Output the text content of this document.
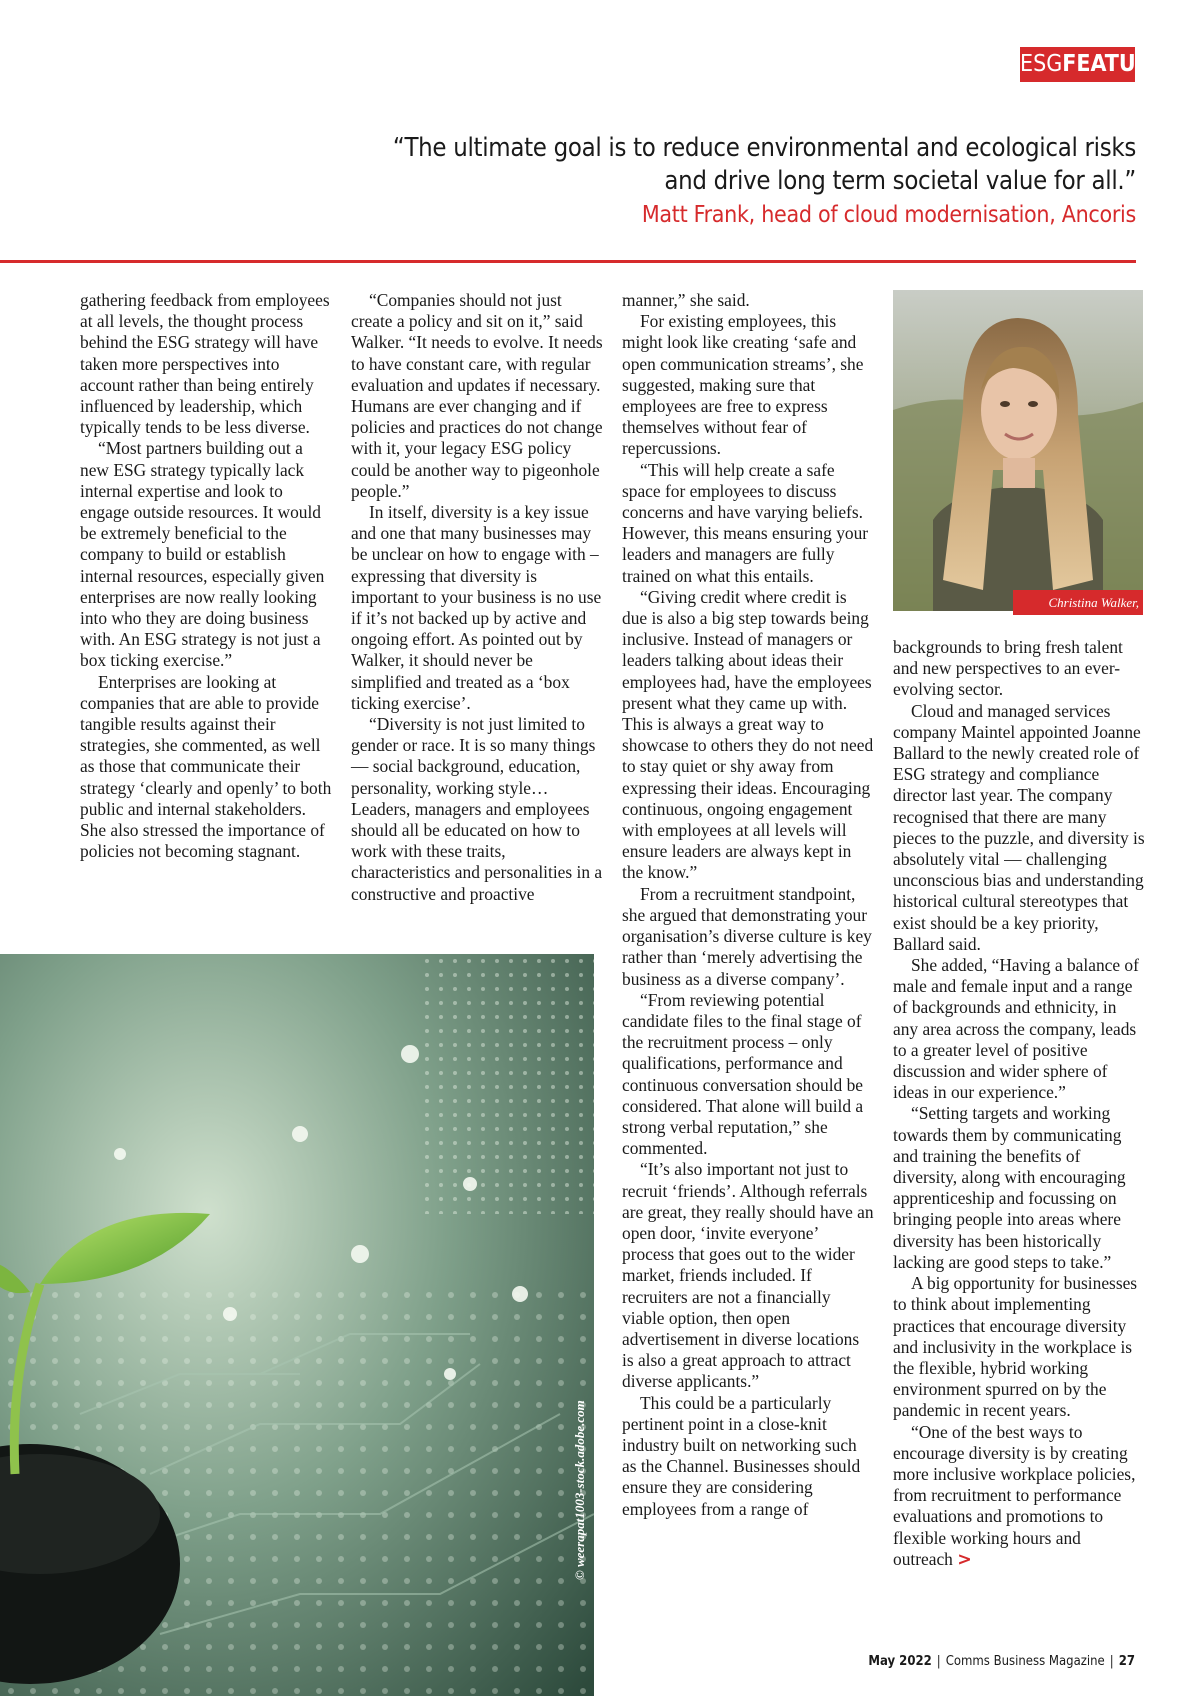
ESGFEATURE
“The ultimate goal is to reduce environmental and ecological risks and drive long term societal value for all.”
Matt Frank, head of cloud modernisation, Ancoris

gathering feedback from employees at all levels, the thought process behind the ESG strategy will have taken more perspectives into account rather than being entirely influenced by leadership, which typically tends to be less diverse.

“Most partners building out a new ESG strategy typically lack internal expertise and look to engage outside resources. It would be extremely beneficial to the company to build or establish internal resources, especially given enterprises are now really looking into who they are doing business with. An ESG strategy is not just a box ticking exercise.”

Enterprises are looking at companies that are able to provide tangible results against their strategies, she commented, as well as those that communicate their strategy ‘clearly and openly’ to both public and internal stakeholders. She also stressed the importance of policies not becoming stagnant.

“Companies should not just create a policy and sit on it,” said Walker. “It needs to evolve. It needs to have constant care, with regular evaluation and updates if necessary. Humans are ever changing and if policies and practices do not change with it, your legacy ESG policy could be another way to pigeonhole people.”

In itself, diversity is a key issue and one that many businesses may be unclear on how to engage with – expressing that diversity is important to your business is no use if it’s not backed up by active and ongoing effort. As pointed out by Walker, it should never be simplified and treated as a ‘box ticking exercise’.

“Diversity is not just limited to gender or race. It is so many things — social background, education, personality, working style… Leaders, managers and employees should all be educated on how to work with these traits, characteristics and personalities in a constructive and proactive

manner,” she said.

For existing employees, this might look like creating ‘safe and open communication streams’, she suggested, making sure that employees are free to express themselves without fear of repercussions.

“This will help create a safe space for employees to discuss concerns and have varying beliefs. However, this means ensuring your leaders and managers are fully trained on what this entails.

“Giving credit where credit is due is also a big step towards being inclusive. Instead of managers or leaders talking about ideas their employees had, have the employees present what they came up with. This is always a great way to showcase to others they do not need to stay quiet or shy away from expressing their ideas. Encouraging continuous, ongoing engagement with employees at all levels will ensure leaders are always kept in the know.”

From a recruitment standpoint, she argued that demonstrating your organisation’s diverse culture is key rather than ‘merely advertising the business as a diverse company’.

“From reviewing potential candidate files to the final stage of the recruitment process – only qualifications, performance and continuous conversation should be considered. That alone will build a strong verbal reputation,” she commented.

“It’s also important not just to recruit ‘friends’. Although referrals are great, they really should have an open door, ‘invite everyone’ process that goes out to the wider market, friends included. If recruiters are not a financially viable option, then open advertisement in diverse locations is also a great approach to attract diverse applicants.”

This could be a particularly pertinent point in a close-knit industry built on networking such as the Channel. Businesses should ensure they are considering employees from a range of

Christina Walker, Blancco

backgrounds to bring fresh talent and new perspectives to an ever-evolving sector.

Cloud and managed services company Maintel appointed Joanne Ballard to the newly created role of ESG strategy and compliance director last year. The company recognised that there are many pieces to the puzzle, and diversity is absolutely vital — challenging unconscious bias and understanding historical cultural stereotypes that exist should be a key priority, Ballard said.

She added, “Having a balance of male and female input and a range of backgrounds and ethnicity, in any area across the company, leads to a greater level of positive discussion and wider sphere of ideas in our experience.”

“Setting targets and working towards them by communicating and training the benefits of diversity, along with encouraging apprenticeship and focussing on bringing people into areas where diversity has been historically lacking are good steps to take.”

A big opportunity for businesses to think about implementing practices that encourage diversity and inclusivity in the workplace is the flexible, hybrid working environment spurred on by the pandemic in recent years.

“One of the best ways to encourage diversity is by creating more inclusive workplace policies, from recruitment to performance evaluations and promotions to flexible working hours and outreach >

© weerapat1003-stock.adobe.com
May 2022 | Comms Business Magazine | 27
